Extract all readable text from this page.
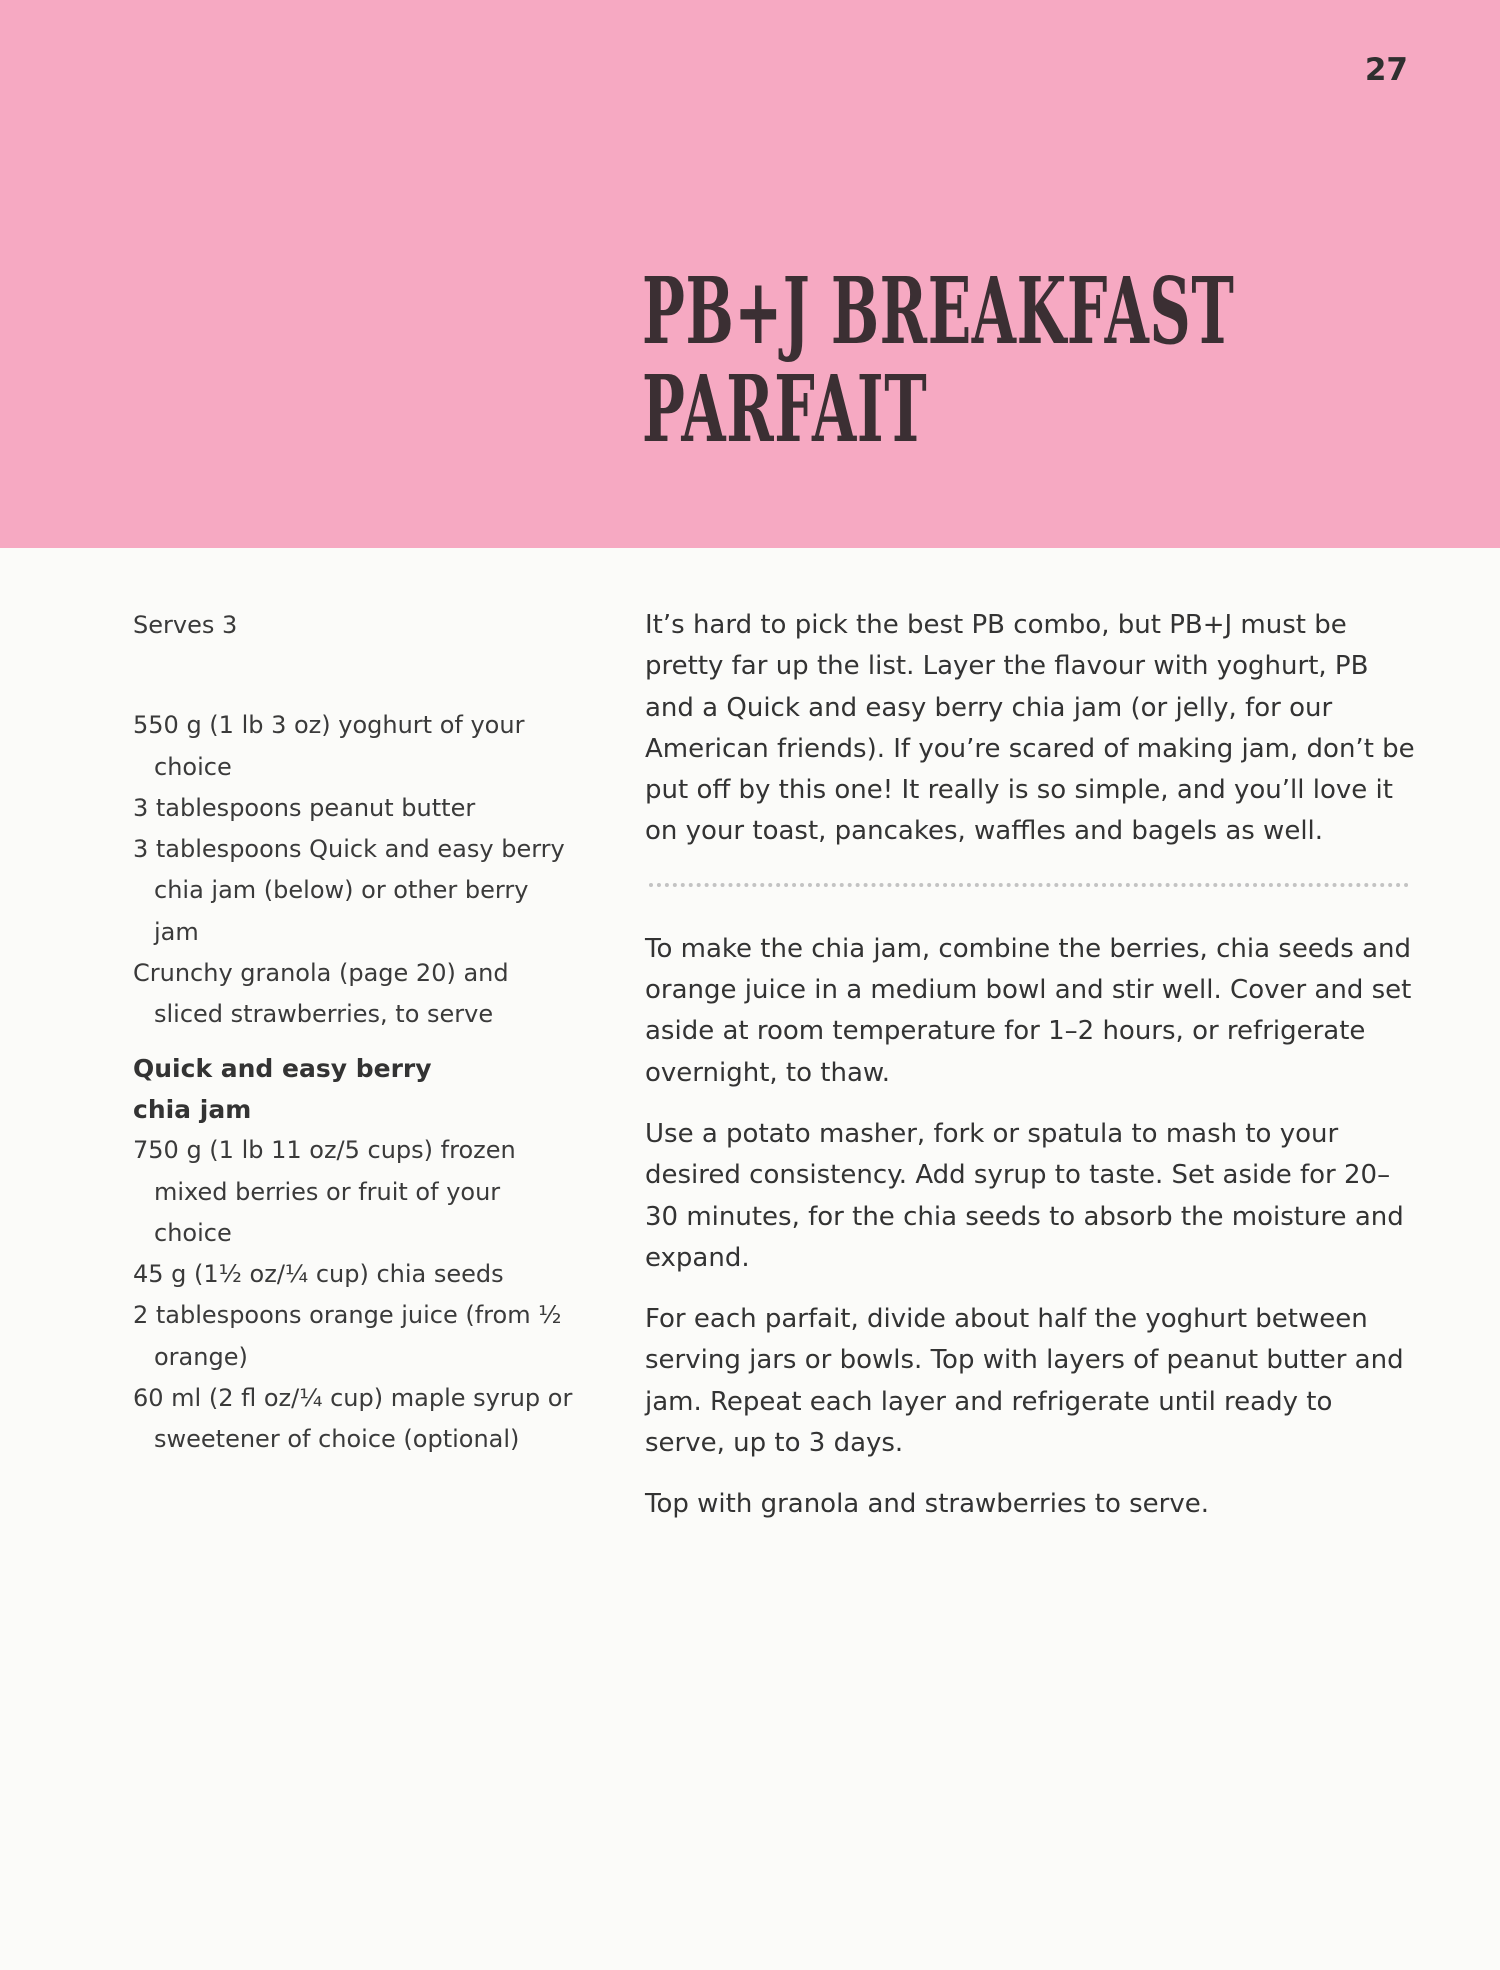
27

PB+J BREAKFAST
PARFAIT

Serves 3

550 g (1 lb 3 oz) yoghurt of your choice
3 tablespoons peanut butter
3 tablespoons Quick and easy berry chia jam (below) or other berry jam
Crunchy granola (page 20) and sliced strawberries, to serve
Quick and easy berry chia jam
750 g (1 lb 11 oz/5 cups) frozen mixed berries or fruit of your choice
45 g (1½ oz/¼ cup) chia seeds
2 tablespoons orange juice (from ½ orange)
60 ml (2 fl oz/¼ cup) maple syrup or sweetener of choice (optional)

It’s hard to pick the best PB combo, but PB+J must be pretty far up the list. Layer the flavour with yoghurt, PB and a Quick and easy berry chia jam (or jelly, for our American friends). If you’re scared of making jam, don’t be put off by this one! It really is so simple, and you’ll love it on your toast, pancakes, waffles and bagels as well.

To make the chia jam, combine the berries, chia seeds and orange juice in a medium bowl and stir well. Cover and set aside at room temperature for 1–2 hours, or refrigerate overnight, to thaw.

Use a potato masher, fork or spatula to mash to your desired consistency. Add syrup to taste. Set aside for 20–30 minutes, for the chia seeds to absorb the moisture and expand.

For each parfait, divide about half the yoghurt between serving jars or bowls. Top with layers of peanut butter and jam. Repeat each layer and refrigerate until ready to serve, up to 3 days.

Top with granola and strawberries to serve.
